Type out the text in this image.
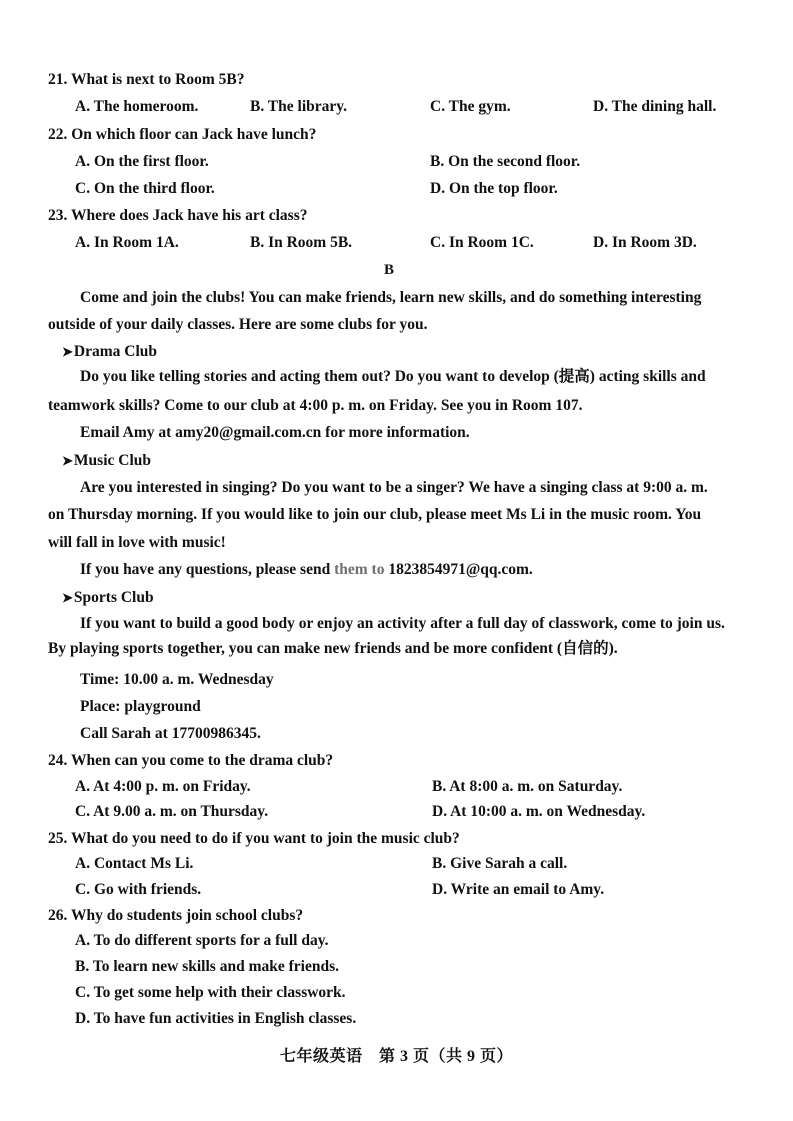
21. What is next to Room 5B?
A. The homeroom.	B. The library.	C. The gym.	D. The dining hall.
22. On which floor can Jack have lunch?
A. On the first floor.	B. On the second floor.
C. On the third floor.	D. On the top floor.
23. Where does Jack have his art class?
A. In Room 1A.	B. In Room 5B.	C. In Room 1C.	D. In Room 3D.
B
Come and join the clubs! You can make friends, learn new skills, and do something interesting
outside of your daily classes. Here are some clubs for you.
➤Drama Club
Do you like telling stories and acting them out? Do you want to develop (提高) acting skills and
teamwork skills? Come to our club at 4:00 p. m. on Friday. See you in Room 107.
Email Amy at amy20@gmail.com.cn for more information.
➤Music Club
Are you interested in singing? Do you want to be a singer? We have a singing class at 9:00 a. m.
on Thursday morning. If you would like to join our club, please meet Ms Li in the music room. You
will fall in love with music!
If you have any questions, please send them to 1823854971@qq.com.
➤Sports Club
If you want to build a good body or enjoy an activity after a full day of classwork, come to join us.
By playing sports together, you can make new friends and be more confident (自信的).
Time: 10.00 a. m. Wednesday
Place: playground
Call Sarah at 17700986345.
24. When can you come to the drama club?
A. At 4:00 p. m. on Friday.	B. At 8:00 a. m. on Saturday.
C. At 9.00 a. m. on Thursday.	D. At 10:00 a. m. on Wednesday.
25. What do you need to do if you want to join the music club?
A. Contact Ms Li.	B. Give Sarah a call.
C. Go with friends.	D. Write an email to Amy.
26. Why do students join school clubs?
A. To do different sports for a full day.
B. To learn new skills and make friends.
C. To get some help with their classwork.
D. To have fun activities in English classes.
七年级英语　第 3 页（共 9 页）
